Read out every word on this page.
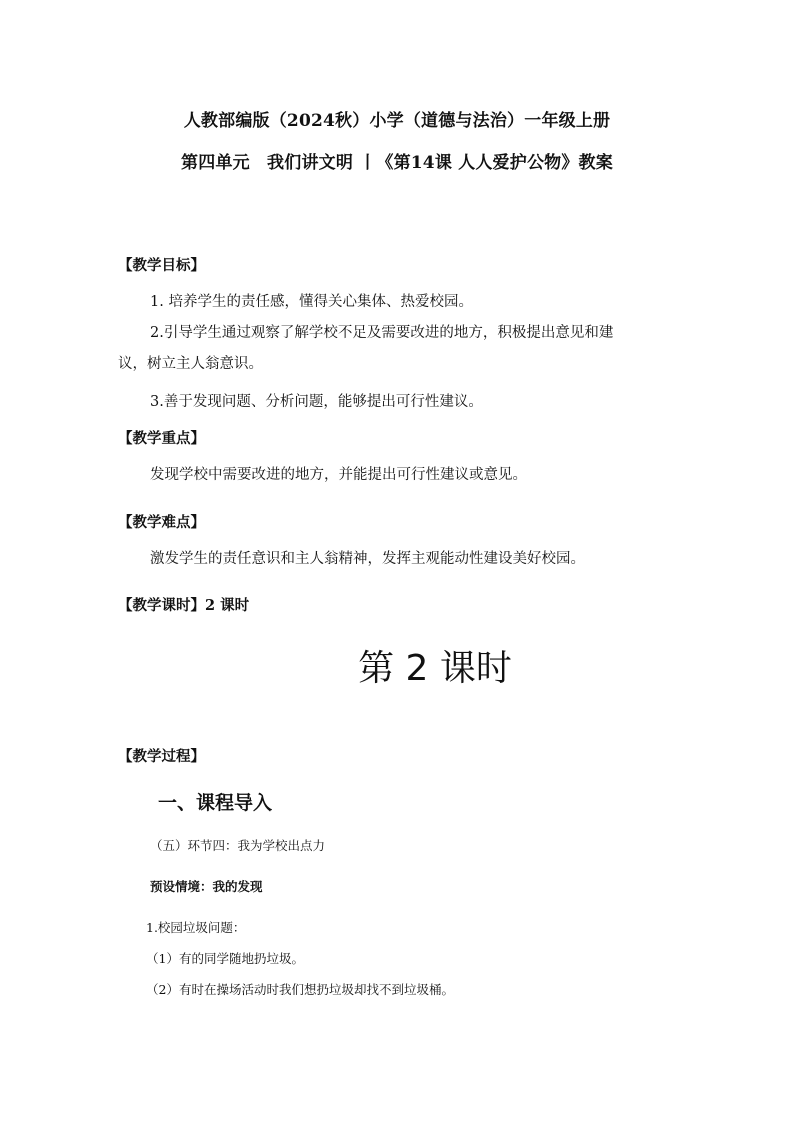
人教部编版（2024秋）小学（道德与法治）一年级上册

第四单元　我们讲文明 丨《第14课 人人爱护公物》教案

【教学目标】

1. 培养学生的责任感，懂得关心集体、热爱校园。

2.引导学生通过观察了解学校不足及需要改进的地方，积极提出意见和建

议，树立主人翁意识。

3.善于发现问题、分析问题，能够提出可行性建议。

【教学重点】

发现学校中需要改进的地方，并能提出可行性建议或意见。

【教学难点】

激发学生的责任意识和主人翁精神，发挥主观能动性建设美好校园。

【教学课时】2 课时

第 2 课时

【教学过程】

一、课程导入

（五）环节四：我为学校出点力

预设情境：我的发现

1.校园垃圾问题：

（1）有的同学随地扔垃圾。

（2）有时在操场活动时我们想扔垃圾却找不到垃圾桶。
